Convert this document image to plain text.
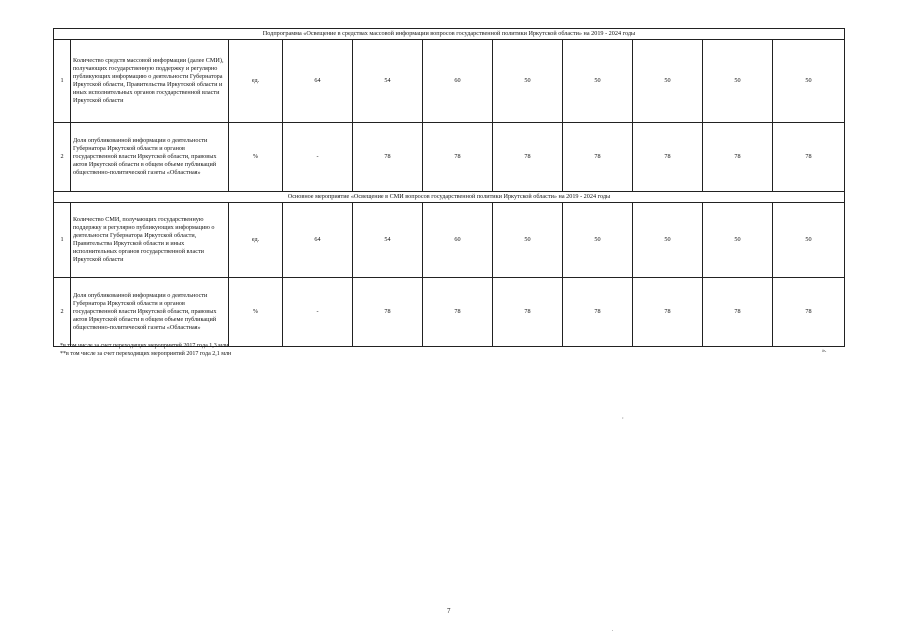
Подпрограмма «Освещение в средствах массовой информации вопросов государственной политики Иркутской области» на 2019 - 2024 годы										
1	Количество средств массовой информации (далее СМИ), получающих государственную поддержку и регулярно публикующих информацию о деятельности Губернатора Иркутской области, Правительства Иркутской области и иных исполнительных органов государственной власти Иркутской области	ед.	64	54	60	50	50	50	50	50
2	Доля опубликованной информации о деятельности Губернатора Иркутской области и органов государственной власти Иркутской области, правовых актов Иркутской области в общем объеме публикаций общественно-политической газеты «Областная»	%	-	78	78	78	78	78	78	78
Основное мероприятие «Освещение в СМИ вопросов государственной политики Иркутской области» на 2019 - 2024 годы										
1	Количество СМИ, получающих государственную поддержку и регулярно публикующих информацию о деятельности Губернатора Иркутской области, Правительства Иркутской области и иных исполнительных органов государственной власти Иркутской области	ед.	64	54	60	50	50	50	50	50
2	Доля опубликованной информации о деятельности Губернатора Иркутской области и органов государственной власти Иркутской области, правовых актов Иркутской области в общем объеме публикаций общественно-политической газеты «Областная»	%	-	78	78	78	78	78	78	78
*в том числе за счет переходящих мероприятий 2017 года 1,3 млн
**в том числе за счет переходящих мероприятий 2017 года 2,1 млн	».
’
7
.
